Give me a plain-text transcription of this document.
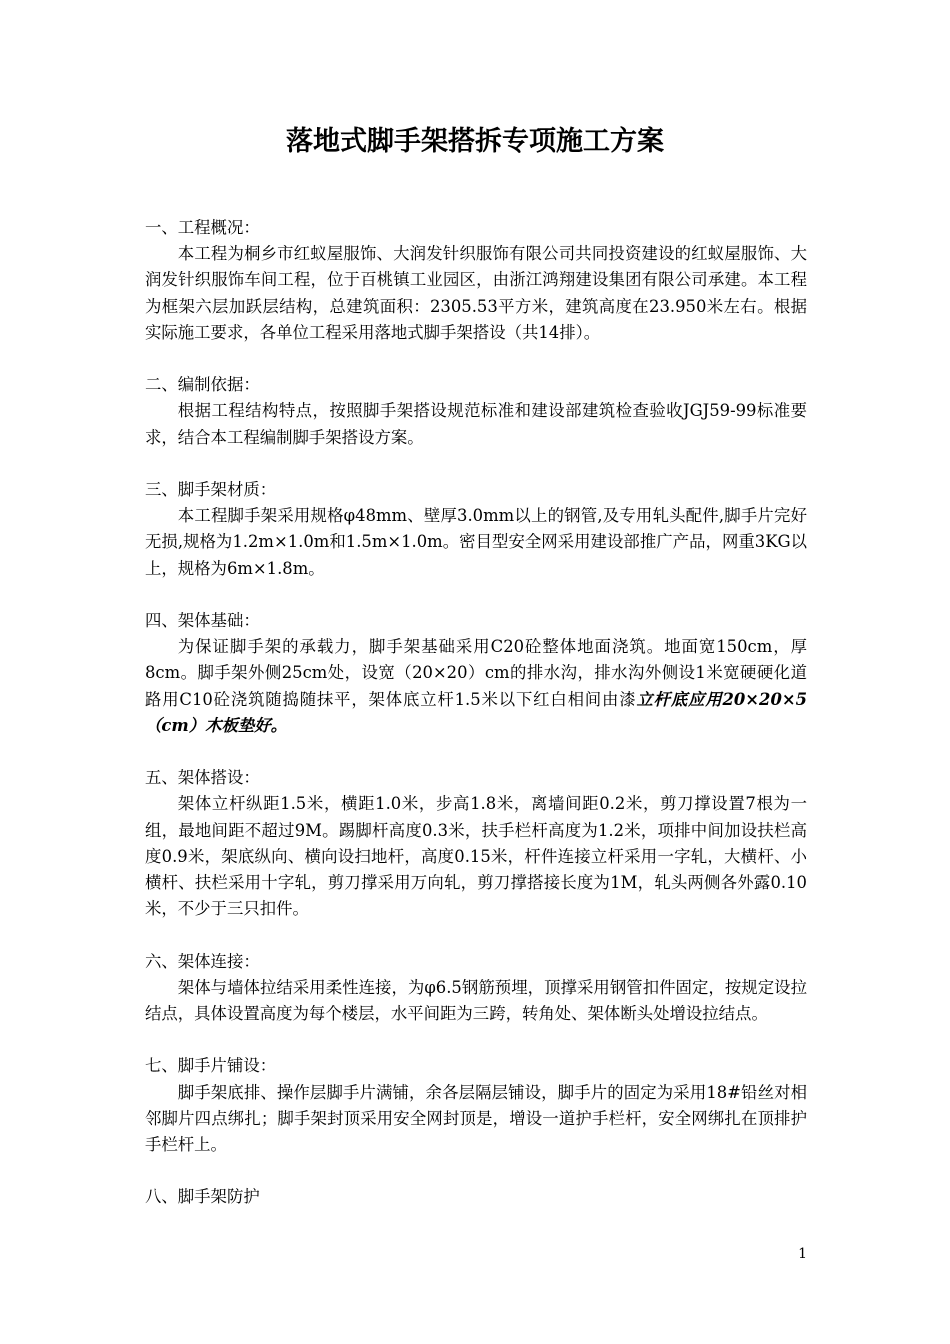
落地式脚手架搭拆专项施工方案

一、工程概况：

本工程为桐乡市红蚁屋服饰、大润发针织服饰有限公司共同投资建设的红蚁屋服饰、大润发针织服饰车间工程，位于百桃镇工业园区，由浙江鸿翔建设集团有限公司承建。本工程为框架六层加跃层结构，总建筑面积：2305.53平方米，建筑高度在23.950米左右。根据实际施工要求，各单位工程采用落地式脚手架搭设（共14排）。

二、编制依据：

根据工程结构特点，按照脚手架搭设规范标准和建设部建筑检查验收JGJ59-99标准要求，结合本工程编制脚手架搭设方案。

三、脚手架材质：

本工程脚手架采用规格φ48mm、壁厚3.0mm以上的钢管,及专用轧头配件,脚手片完好无损,规格为1.2m×1.0m和1.5m×1.0m。密目型安全网采用建设部推广产品，网重3KG以上，规格为6m×1.8m。

四、架体基础：

为保证脚手架的承载力，脚手架基础采用C20砼整体地面浇筑。地面宽150cm，厚8cm。脚手架外侧25cm处，设宽（20×20）cm的排水沟，排水沟外侧设1米宽硬硬化道路用C10砼浇筑随捣随抹平，架体底立杆1.5米以下红白相间由漆立杆底应用20×20×5（cm）木板垫好。

五、架体搭设：

架体立杆纵距1.5米，横距1.0米，步高1.8米，离墙间距0.2米，剪刀撑设置7根为一组，最地间距不超过9M。踢脚杆高度0.3米，扶手栏杆高度为1.2米，项排中间加设扶栏高度0.9米，架底纵向、横向设扫地杆，高度0.15米，杆件连接立杆采用一字轧，大横杆、小横杆、扶栏采用十字轧，剪刀撑采用万向轧，剪刀撑搭接长度为1M，轧头两侧各外露0.10米，不少于三只扣件。

六、架体连接：

架体与墙体拉结采用柔性连接，为φ6.5钢筋预埋，顶撑采用钢管扣件固定，按规定设拉结点，具体设置高度为每个楼层，水平间距为三跨，转角处、架体断头处增设拉结点。

七、脚手片铺设：

脚手架底排、操作层脚手片满铺，余各层隔层铺设，脚手片的固定为采用18#铅丝对相邻脚片四点绑扎；脚手架封顶采用安全网封顶是，增设一道护手栏杆，安全网绑扎在顶排护手栏杆上。

八、脚手架防护

1
